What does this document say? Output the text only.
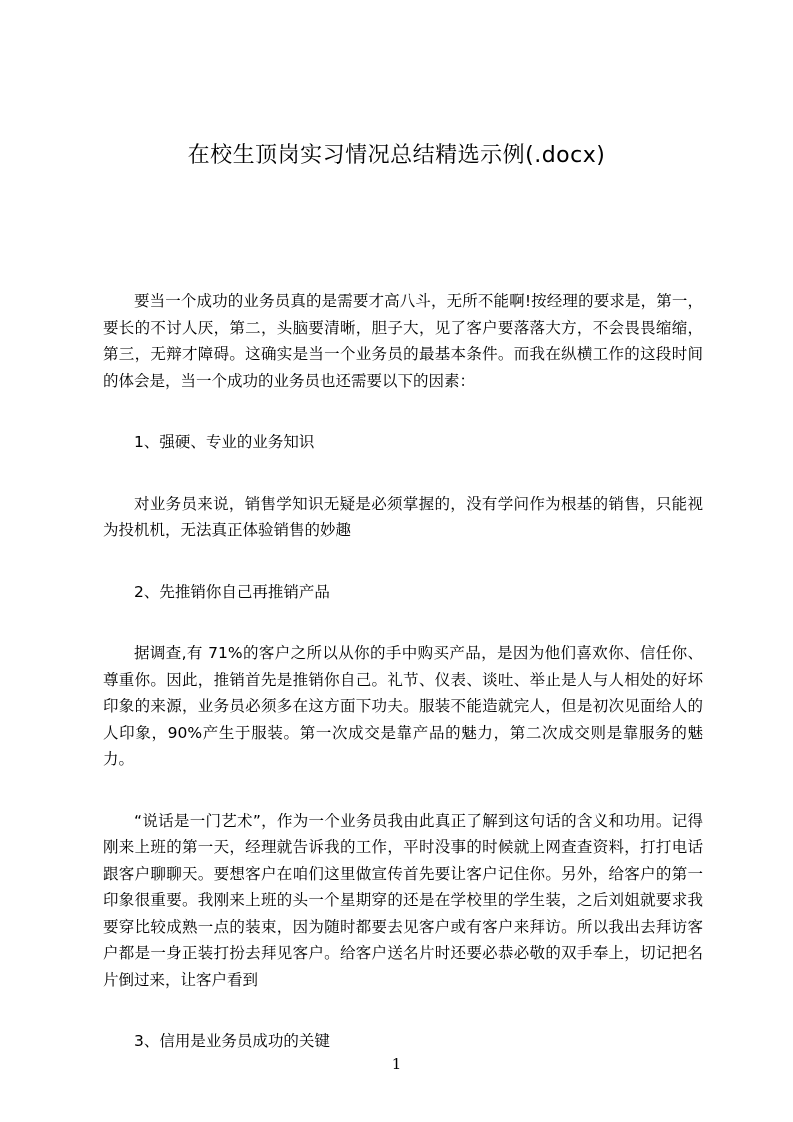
在校生顶岗实习情况总结精选示例(.docx)

要当一个成功的业务员真的是需要才高八斗，无所不能啊!按经理的要求是，第一，要长的不讨人厌，第二，头脑要清晰，胆子大，见了客户要落落大方，不会畏畏缩缩，第三，无辩才障碍。这确实是当一个业务员的最基本条件。而我在纵横工作的这段时间的体会是，当一个成功的业务员也还需要以下的因素：

1、强硬、专业的业务知识

对业务员来说，销售学知识无疑是必须掌握的，没有学问作为根基的销售，只能视为投机机，无法真正体验销售的妙趣

2、先推销你自己再推销产品

据调查,有 71%的客户之所以从你的手中购买产品，是因为他们喜欢你、信任你、尊重你。因此，推销首先是推销你自己。礼节、仪表、谈吐、举止是人与人相处的好坏印象的来源，业务员必须多在这方面下功夫。服装不能造就完人，但是初次见面给人的人印象，90%产生于服装。第一次成交是靠产品的魅力，第二次成交则是靠服务的魅力。

“说话是一门艺术”，作为一个业务员我由此真正了解到这句话的含义和功用。记得刚来上班的第一天，经理就告诉我的工作，平时没事的时候就上网查查资料，打打电话跟客户聊聊天。要想客户在咱们这里做宣传首先要让客户记住你。另外，给客户的第一印象很重要。我刚来上班的头一个星期穿的还是在学校里的学生装，之后刘姐就要求我要穿比较成熟一点的装束，因为随时都要去见客户或有客户来拜访。所以我出去拜访客户都是一身正装打扮去拜见客户。给客户送名片时还要必恭必敬的双手奉上，切记把名片倒过来，让客户看到

3、信用是业务员成功的关键

1
